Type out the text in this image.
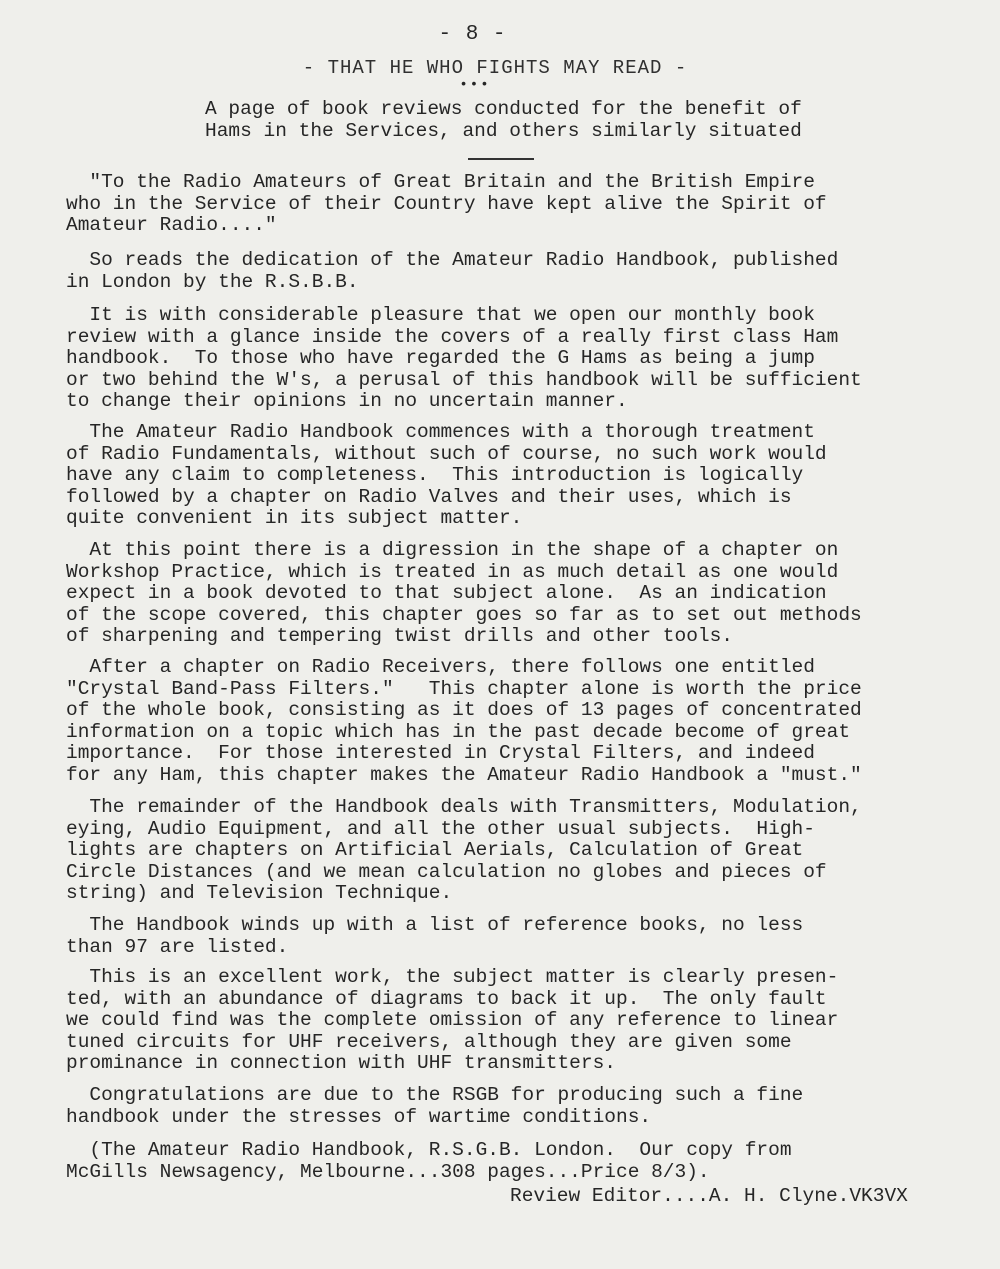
- 8 -
- THAT HE WHO FIGHTS MAY READ -
•••
A page of book reviews conducted for the benefit of
Hams in the Services, and others similarly situated

"To the Radio Amateurs of Great Britain and the British Empire
who in the Service of their Country have kept alive the Spirit of
Amateur Radio...."

So reads the dedication of the Amateur Radio Handbook, published
in London by the R.S.B.B.

It is with considerable pleasure that we open our monthly book
review with a glance inside the covers of a really first class Ham
handbook.  To those who have regarded the G Hams as being a jump
or two behind the W's, a perusal of this handbook will be sufficient
to change their opinions in no uncertain manner.

The Amateur Radio Handbook commences with a thorough treatment
of Radio Fundamentals, without such of course, no such work would
have any claim to completeness.  This introduction is logically
followed by a chapter on Radio Valves and their uses, which is
quite convenient in its subject matter.

At this point there is a digression in the shape of a chapter on
Workshop Practice, which is treated in as much detail as one would
expect in a book devoted to that subject alone.  As an indication
of the scope covered, this chapter goes so far as to set out methods
of sharpening and tempering twist drills and other tools.

After a chapter on Radio Receivers, there follows one entitled
"Crystal Band-Pass Filters."   This chapter alone is worth the price
of the whole book, consisting as it does of 13 pages of concentrated
information on a topic which has in the past decade become of great
importance.  For those interested in Crystal Filters, and indeed
for any Ham, this chapter makes the Amateur Radio Handbook a "must."

The remainder of the Handbook deals with Transmitters, Modulation,
eying, Audio Equipment, and all the other usual subjects.  High-
lights are chapters on Artificial Aerials, Calculation of Great
Circle Distances (and we mean calculation no globes and pieces of
string) and Television Technique.

The Handbook winds up with a list of reference books, no less
than 97 are listed.

This is an excellent work, the subject matter is clearly presen-
ted, with an abundance of diagrams to back it up.  The only fault
we could find was the complete omission of any reference to linear
tuned circuits for UHF receivers, although they are given some
prominance in connection with UHF transmitters.

Congratulations are due to the RSGB for producing such a fine
handbook under the stresses of wartime conditions.

(The Amateur Radio Handbook, R.S.G.B. London.  Our copy from
McGills Newsagency, Melbourne...308 pages...Price 8/3).

Review Editor....A. H. Clyne.VK3VX
